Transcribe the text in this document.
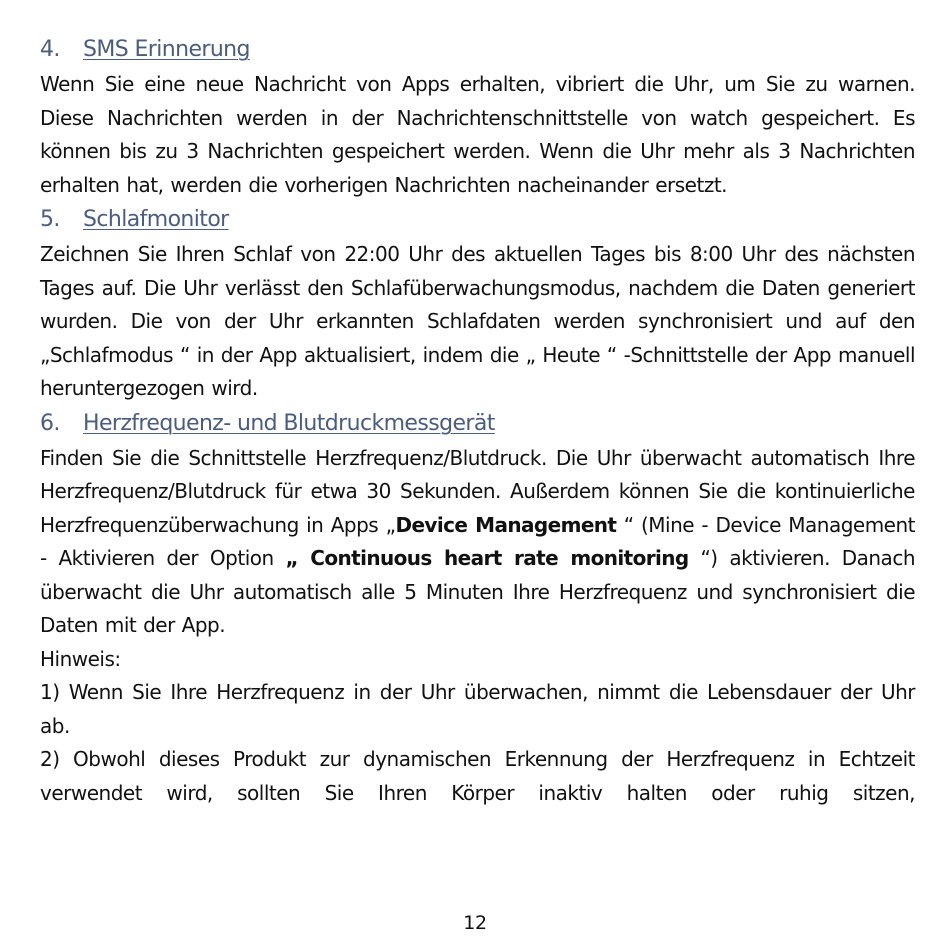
4. SMS Erinnerung

Wenn Sie eine neue Nachricht von Apps erhalten, vibriert die Uhr, um Sie zu warnen. Diese Nachrichten werden in der Nachrichtenschnittstelle von watch gespeichert. Es können bis zu 3 Nachrichten gespeichert werden. Wenn die Uhr mehr als 3 Nachrichten erhalten hat, werden die vorherigen Nachrichten nacheinander ersetzt.

5. Schlafmonitor

Zeichnen Sie Ihren Schlaf von 22:00 Uhr des aktuellen Tages bis 8:00 Uhr des nächsten Tages auf. Die Uhr verlässt den Schlafüberwachungsmodus, nachdem die Daten generiert wurden. Die von der Uhr erkannten Schlafdaten werden synchronisiert und auf den „Schlafmodus “ in der App aktualisiert, indem die „ Heute “ -Schnittstelle der App manuell heruntergezogen wird.

6. Herzfrequenz- und Blutdruckmessgerät

Finden Sie die Schnittstelle Herzfrequenz/Blutdruck. Die Uhr überwacht automatisch Ihre Herzfrequenz/Blutdruck für etwa 30 Sekunden. Außerdem können Sie die kontinuierliche Herzfrequenzüberwachung in Apps „Device Management “ (Mine - Device Management - Aktivieren der Option „ Continuous heart rate monitoring “) aktivieren. Danach überwacht die Uhr automatisch alle 5 Minuten Ihre Herzfrequenz und synchronisiert die Daten mit der App.

Hinweis:

1) Wenn Sie Ihre Herzfrequenz in der Uhr überwachen, nimmt die Lebensdauer der Uhr ab.

2) Obwohl dieses Produkt zur dynamischen Erkennung der Herzfrequenz in Echtzeit verwendet wird, sollten Sie Ihren Körper inaktiv halten oder ruhig sitzen,

12
